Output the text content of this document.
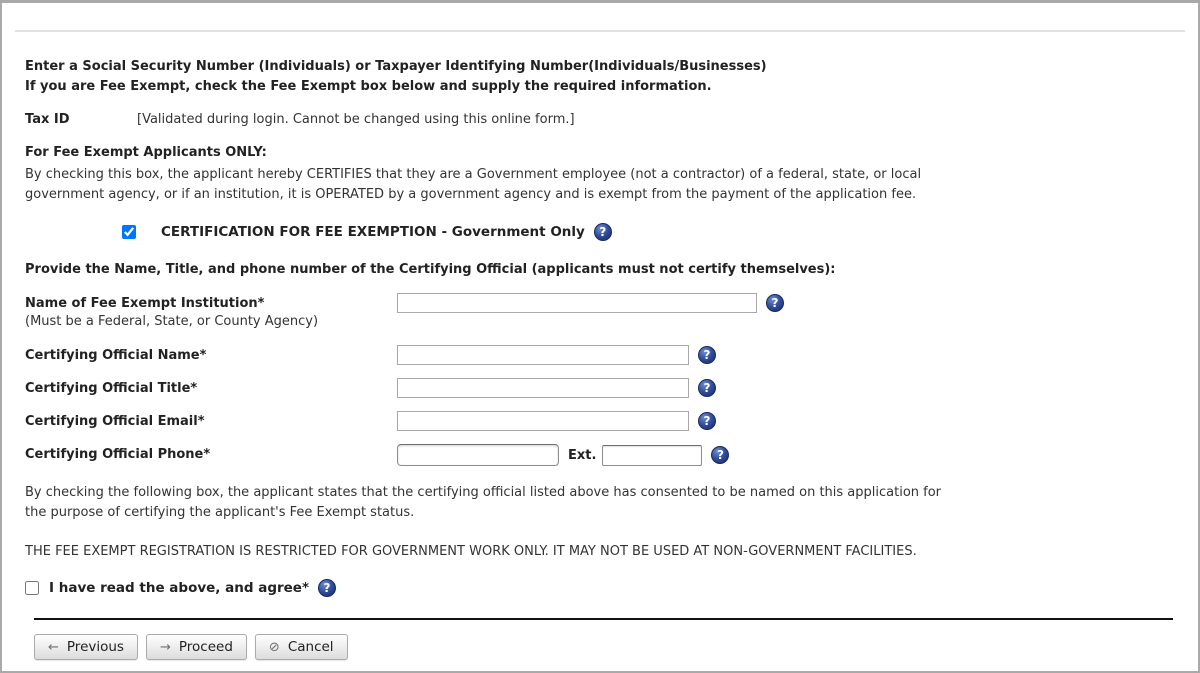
Enter a Social Security Number (Individuals) or Taxpayer Identifying Number(Individuals/Businesses)
If you are Fee Exempt, check the Fee Exempt box below and supply the required information.
Tax ID	[Validated during login. Cannot be changed using this online form.]
For Fee Exempt Applicants ONLY:
By checking this box, the applicant hereby CERTIFIES that they are a Government employee (not a contractor) of a federal, state, or local government agency, or if an institution, it is OPERATED by a government agency and is exempt from the payment of the application fee.
CERTIFICATION FOR FEE EXEMPTION - Government Only	?
Provide the Name, Title, and phone number of the Certifying Official (applicants must not certify themselves):
Name of Fee Exempt Institution*
(Must be a Federal, State, or County Agency)
?
Certifying Official Name*	?
Certifying Official Title*	?
Certifying Official Email*	?
Certifying Official Phone*	Ext.	?
By checking the following box, the applicant states that the certifying official listed above has consented to be named on this application for the purpose of certifying the applicant's Fee Exempt status.
THE FEE EXEMPT REGISTRATION IS RESTRICTED FOR GOVERNMENT WORK ONLY. IT MAY NOT BE USED AT NON-GOVERNMENT FACILITIES.
I have read the above, and agree*	?
← Previous	→ Proceed	⊘ Cancel
